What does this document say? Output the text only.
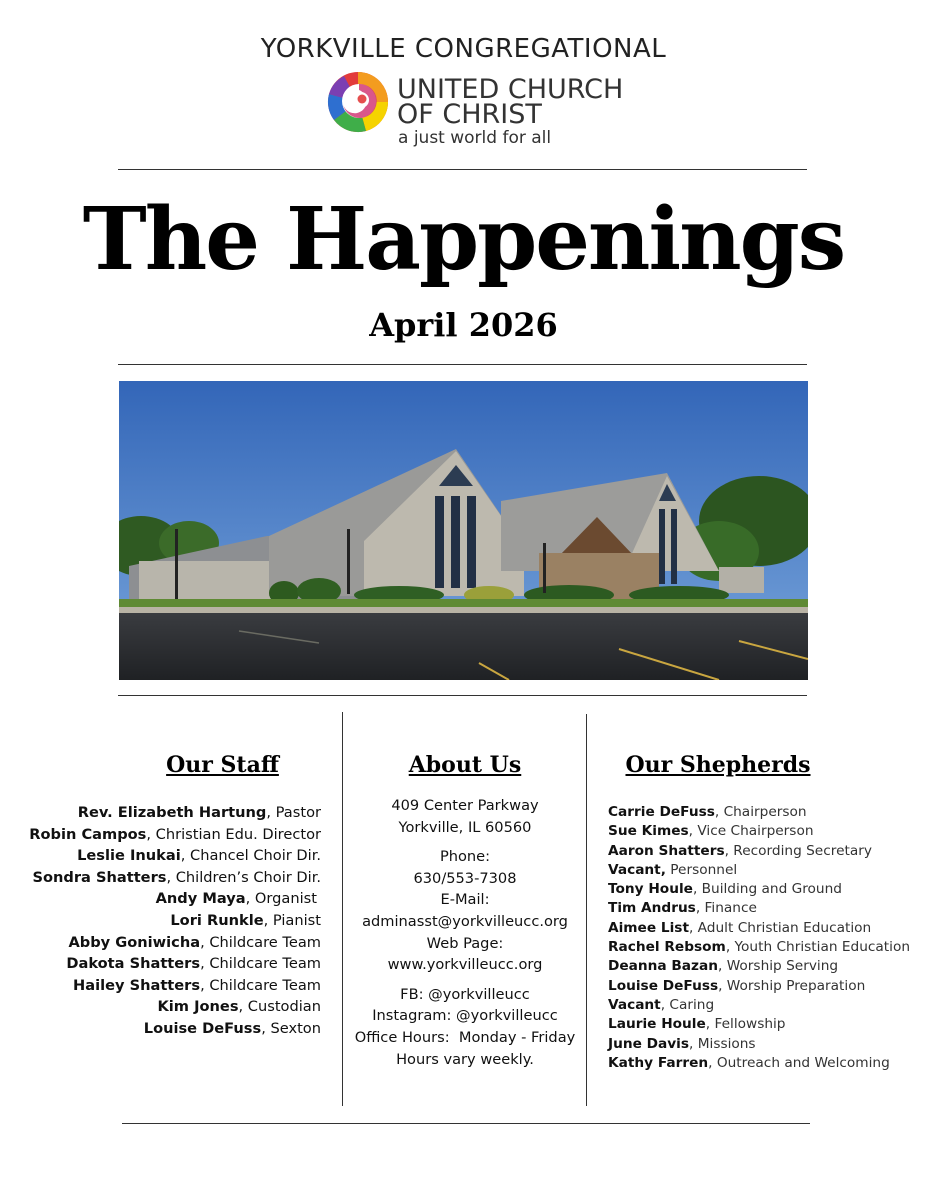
YORKVILLE CONGREGATIONAL
UNITED CHURCH
OF CHRIST
a just world for all
The Happenings
April 2026
Our Staff
Rev. Elizabeth Hartung, Pastor
Robin Campos, Christian Edu. Director
Leslie Inukai, Chancel Choir Dir.
Sondra Shatters, Children’s Choir Dir.
Andy Maya, Organist
Lori Runkle, Pianist
Abby Goniwicha, Childcare Team
Dakota Shatters, Childcare Team
Hailey Shatters, Childcare Team
Kim Jones, Custodian
Louise DeFuss, Sexton
About Us
409 Center Parkway
Yorkville, IL 60560
Phone:
630/553-7308
E-Mail:
adminasst@yorkvilleucc.org
Web Page:
www.yorkvilleucc.org
FB: @yorkvilleucc
Instagram: @yorkvilleucc
Office Hours:  Monday - Friday
Hours vary weekly.
Our Shepherds
Carrie DeFuss, Chairperson
Sue Kimes, Vice Chairperson
Aaron Shatters, Recording Secretary
Vacant, Personnel
Tony Houle, Building and Ground
Tim Andrus, Finance
Aimee List, Adult Christian Education
Rachel Rebsom, Youth Christian Education
Deanna Bazan, Worship Serving
Louise DeFuss, Worship Preparation
Vacant, Caring
Laurie Houle, Fellowship
June Davis, Missions
Kathy Farren, Outreach and Welcoming
